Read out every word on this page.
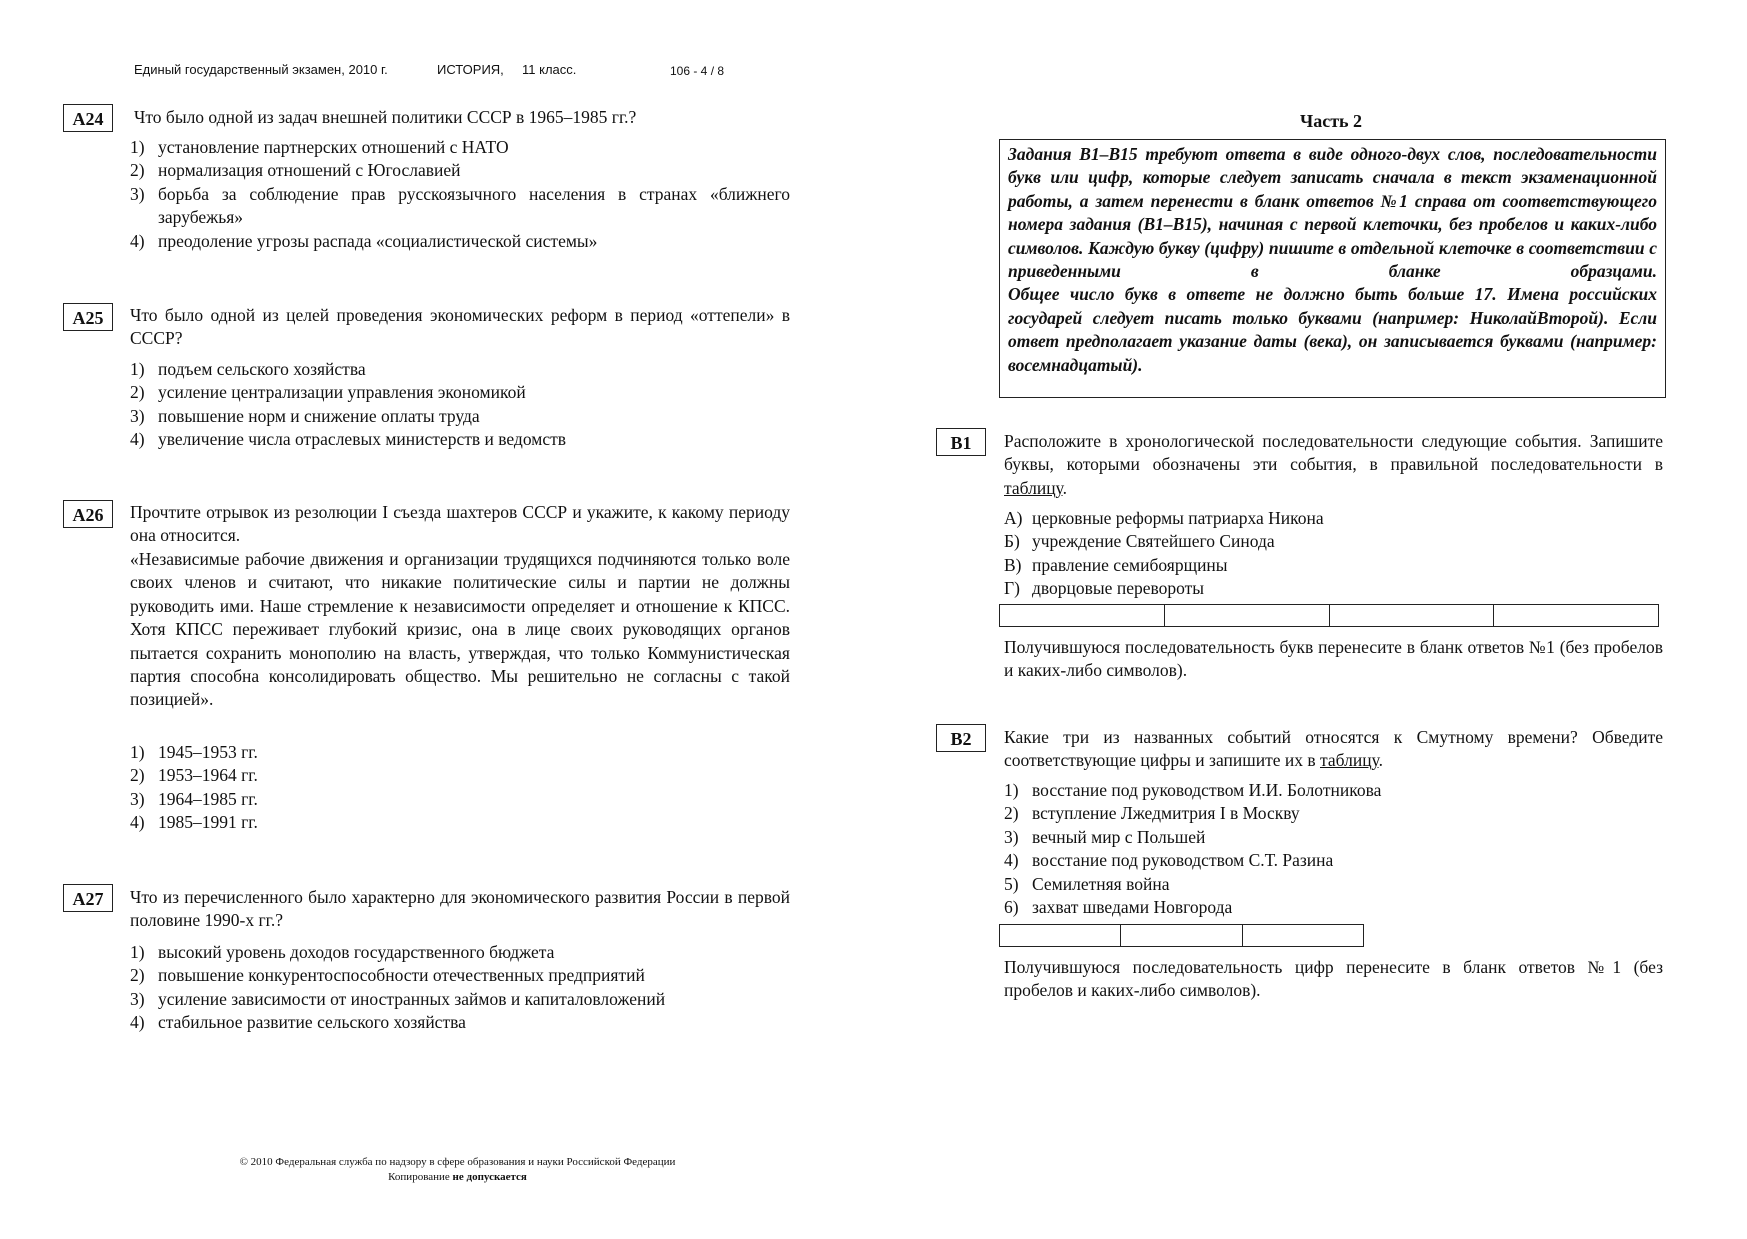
Единый государственный экзамен, 2010 г.	ИСТОРИЯ, 11 класс.	106 - 4 / 8
A24	Что было одной из задач внешней политики СССР в 1965–1985 гг.?
1) установление партнерских отношений с НАТО
2) нормализация отношений с Югославией
3) борьба за соблюдение прав русскоязычного населения в странах «ближнего зарубежья»
4) преодоление угрозы распада «социалистической системы»
A25	Что было одной из целей проведения экономических реформ в период «оттепели» в СССР?
1) подъем сельского хозяйства
2) усиление централизации управления экономикой
3) повышение норм и снижение оплаты труда
4) увеличение числа отраслевых министерств и ведомств
A26	Прочтите отрывок из резолюции I съезда шахтеров СССР и укажите, к какому периоду она относится.
«Независимые рабочие движения и организации трудящихся подчиняются только воле своих членов и считают, что никакие политические силы и партии не должны руководить ими. Наше стремление к независимости определяет и отношение к КПСС. Хотя КПСС переживает глубокий кризис, она в лице своих руководящих органов пытается сохранить монополию на власть, утверждая, что только Коммунистическая партия способна консолидировать общество. Мы решительно не согласны с такой позицией».
1) 1945–1953 гг.
2) 1953–1964 гг.
3) 1964–1985 гг.
4) 1985–1991 гг.
A27	Что из перечисленного было характерно для экономического развития России в первой половине 1990-х гг.?
1) высокий уровень доходов государственного бюджета
2) повышение конкурентоспособности отечественных предприятий
3) усиление зависимости от иностранных займов и капиталовложений
4) стабильное развитие сельского хозяйства
Часть 2

Задания В1–В15 требуют ответа в виде одного-двух слов, последовательности букв или цифр, которые следует записать сначала в текст экзаменационной работы, а затем перенести в бланк ответов №1 справа от соответствующего номера задания (В1–В15), начиная с первой клеточки, без пробелов и каких-либо символов. Каждую букву (цифру) пишите в отдельной клеточке в соответствии с приведенными в бланке образцами.

Общее число букв в ответе не должно быть больше 17. Имена российских государей следует писать только буквами (например: НиколайВторой). Если ответ предполагает указание даты (века), он записывается буквами (например: восемнадцатый).

В1	Расположите в хронологической последовательности следующие события. Запишите буквы, которыми обозначены эти события, в правильной последовательности в таблицу.
А) церковные реформы патриарха Никона
Б) учреждение Святейшего Синода
В) правление семибоярщины
Г) дворцовые перевороты

Получившуюся последовательность букв перенесите в бланк ответов №1 (без пробелов и каких-либо символов).
В2	Какие три из названных событий относятся к Смутному времени? Обведите соответствующие цифры и запишите их в таблицу.
1) восстание под руководством И.И. Болотникова
2) вступление Лжедмитрия I в Москву
3) вечный мир с Польшей
4) восстание под руководством С.Т. Разина
5) Семилетняя война
6) захват шведами Новгорода

Получившуюся последовательность цифр перенесите в бланк ответов №1 (без пробелов и каких-либо символов).
© 2010 Федеральная служба по надзору в сфере образования и науки Российской Федерации
Копирование не допускается
